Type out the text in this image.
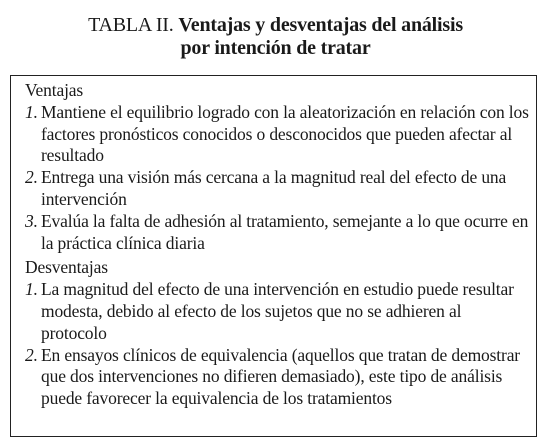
TABLA II. Ventajas y desventajas del análisis
por intención de tratar
Ventajas
1. Mantiene el equilibrio logrado con la aleatorización en relación con los factores pronósticos conocidos o desconocidos que pueden afectar al resultado
2. Entrega una visión más cercana a la magnitud real del efecto de una intervención
3. Evalúa la falta de adhesión al tratamiento, semejante a lo que ocurre en la práctica clínica diaria
Desventajas
1. La magnitud del efecto de una intervención en estudio puede resultar modesta, debido al efecto de los sujetos que no se adhieren al protocolo
2. En ensayos clínicos de equivalencia (aquellos que tratan de demostrar que dos intervenciones no difieren demasiado), este tipo de análisis puede favorecer la equivalencia de los tratamientos
